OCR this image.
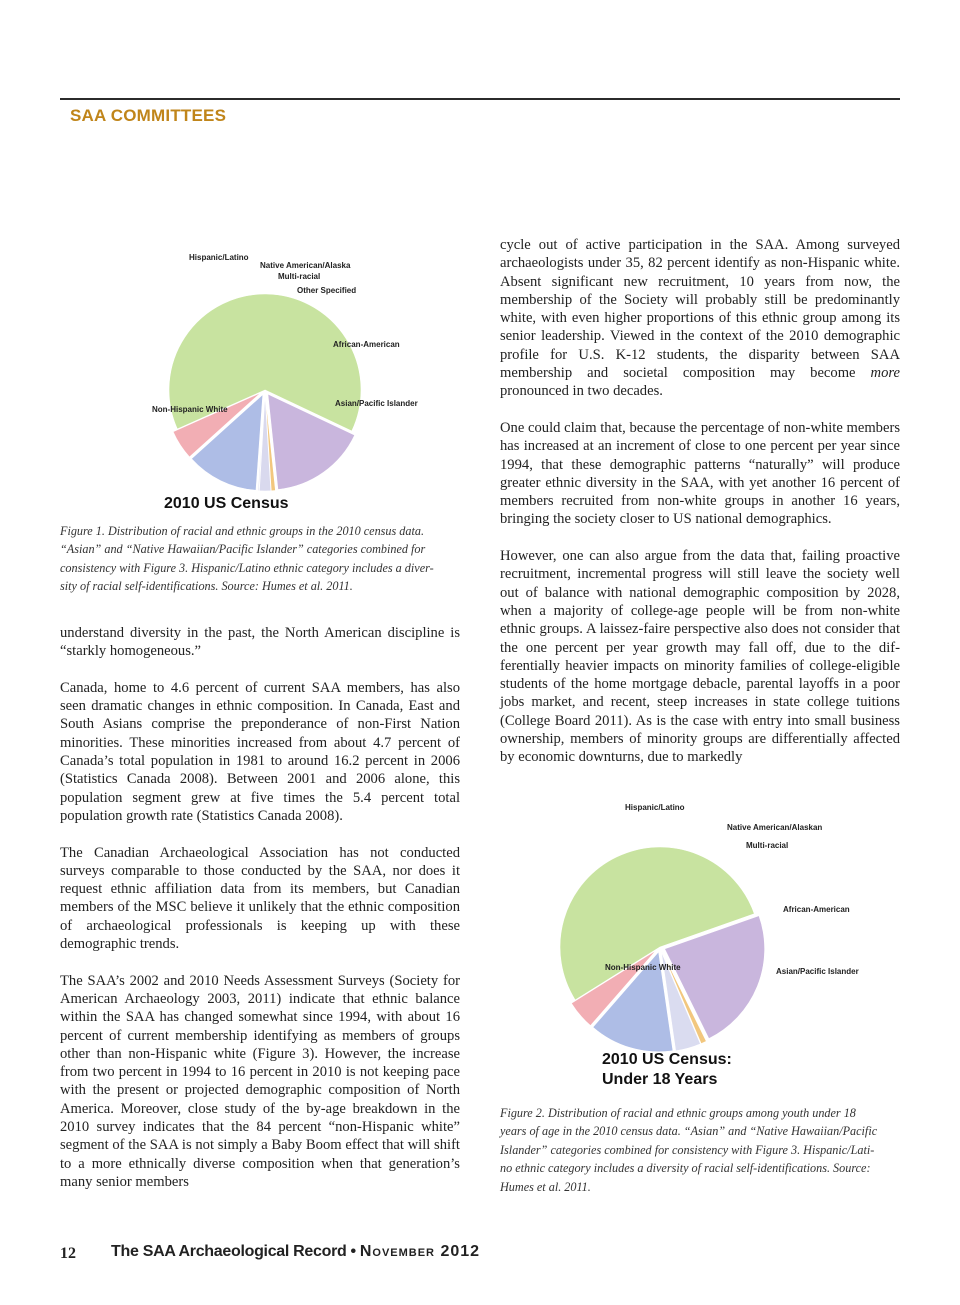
SAA COMMITTEES
Hispanic/Latino
Native American/Alaska
Multi-racial
Other Specified
African-American
Asian/Pacific Islander
Non-Hispanic White
2010 US Census
Figure 1. Distribution of racial and ethnic groups in the 2010 census data.
“Asian” and “Native Hawaiian/Pacific Islander” categories combined for
consistency with Figure 3. Hispanic/Latino ethnic category includes a diver-
sity of racial self-identifications. Source: Humes et al. 2011.

understand diversity in the past, the North American discipline is “starkly homogeneous.”

Canada, home to 4.6 percent of current SAA members, has also seen dramatic changes in ethnic composition. In Canada, East and South Asians comprise the preponderance of non-First Nation minorities. These minorities increased from about 4.7 percent of Canada’s total population in 1981 to around 16.2 percent in 2006 (Statistics Canada 2008). Between 2001 and 2006 alone, this population segment grew at five times the 5.4 percent total population growth rate (Statistics Canada 2008).

The Canadian Archaeological Association has not conducted surveys comparable to those conducted by the SAA, nor does it request ethnic affiliation data from its members, but Canadian members of the MSC believe it unlikely that the ethnic composition of archaeological professionals is keeping up with these demographic trends.

The SAA’s 2002 and 2010 Needs Assessment Surveys (Society for American Archaeology 2003, 2011) indicate that ethnic balance within the SAA has changed somewhat since 1994, with about 16 percent of current membership identifying as members of groups other than non-Hispanic white (Figure 3). However, the increase from two percent in 1994 to 16 percent in 2010 is not keeping pace with the present or projected demographic composition of North America. Moreover, close study of the by-age breakdown in the 2010 survey indicates that the 84 percent “non-Hispanic white” segment of the SAA is not simply a Baby Boom effect that will shift to a more ethnically diverse composition when that generation’s many senior members

cycle out of active participation in the SAA. Among surveyed archaeologists under 35, 82 percent identify as non-Hispanic white. Absent significant new recruitment, 10 years from now, the membership of the Society will probably still be predominantly white, with even higher proportions of this ethnic group among its senior leadership. Viewed in the context of the 2010 demographic profile for U.S. K-12 students, the disparity between SAA membership and societal composition may become more pronounced in two decades.

One could claim that, because the percentage of non-white members has increased at an increment of close to one percent per year since 1994, that these demographic patterns “naturally” will produce greater ethnic diversity in the SAA, with yet another 16 percent of members recruited from non-white groups in another 16 years, bringing the society closer to US national demographics.

However, one can also argue from the data that, failing proactive recruitment, incremental progress will still leave the society well out of balance with national demographic composition by 2028, when a majority of college-age people will be from non-white ethnic groups. A laissez-faire perspective also does not consider that the one percent per year growth may fall off, due to the differentially heavier impacts on minority families of college-eligible students of the home mortgage debacle, parental layoffs in a poor jobs market, and recent, steep increases in state college tuitions (College Board 2011). As is the case with entry into small business ownership, members of minority groups are differentially affected by economic downturns, due to markedly

Hispanic/Latino
Native American/Alaskan
Multi-racial
African-American
Asian/Pacific Islander
Non-Hispanic White
2010 US Census:
Under 18 Years
Figure 2. Distribution of racial and ethnic groups among youth under 18
years of age in the 2010 census data. “Asian” and “Native Hawaiian/Pacific
Islander” categories combined for consistency with Figure 3. Hispanic/Lati-
no ethnic category includes a diversity of racial self-identifications. Source:
Humes et al. 2011.
12 The SAA Archaeological Record • November 2012
